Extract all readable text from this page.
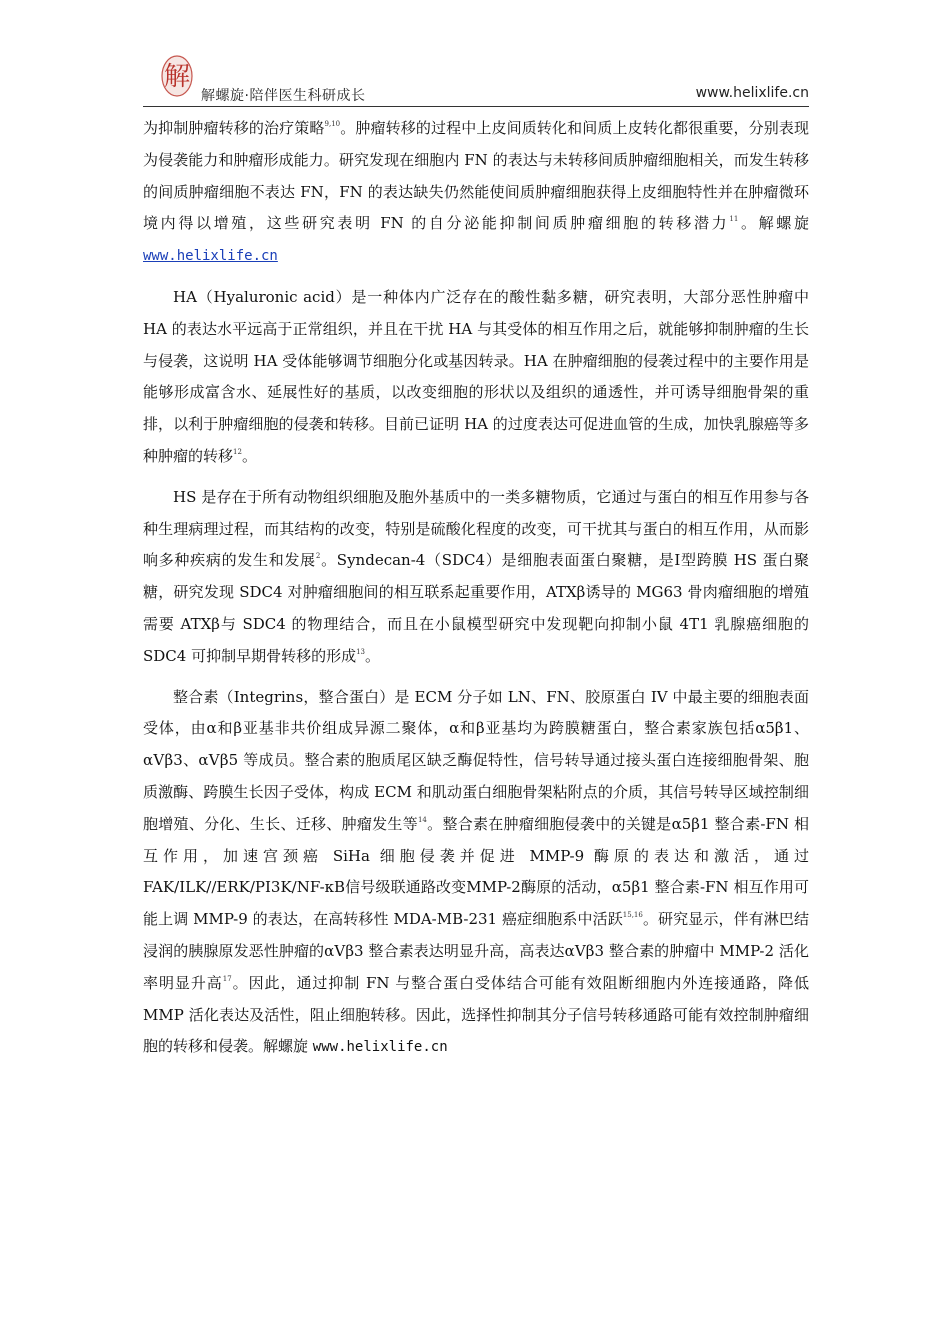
解
解螺旋·陪伴医生科研成长	www.helixlife.cn

为抑制肿瘤转移的治疗策略$^{9,10}$。肿瘤转移的过程中上皮间质转化和间质上皮转化都很重要，分别表现为侵袭能力和肿瘤形成能力。研究发现在细胞内 FN 的表达与未转移间质肿瘤细胞相关，而发生转移的间质肿瘤细胞不表达 FN，FN 的表达缺失仍然能使间质肿瘤细胞获得上皮细胞特性并在肿瘤微环境内得以增殖，这些研究表明 FN 的自分泌能抑制间质肿瘤细胞的转移潜力$^{11}$。解螺旋 www.helixlife.cn

HA（Hyaluronic acid）是一种体内广泛存在的酸性黏多糖，研究表明，大部分恶性肿瘤中 HA 的表达水平远高于正常组织，并且在干扰 HA 与其受体的相互作用之后，就能够抑制肿瘤的生长与侵袭，这说明 HA 受体能够调节细胞分化或基因转录。HA 在肿瘤细胞的侵袭过程中的主要作用是能够形成富含水、延展性好的基质，以改变细胞的形状以及组织的通透性，并可诱导细胞骨架的重排，以利于肿瘤细胞的侵袭和转移。目前已证明 HA 的过度表达可促进血管的生成，加快乳腺癌等多种肿瘤的转移$^{12}$。

HS 是存在于所有动物组织细胞及胞外基质中的一类多糖物质，它通过与蛋白的相互作用参与各种生理病理过程，而其结构的改变，特别是硫酸化程度的改变，可干扰其与蛋白的相互作用，从而影响多种疾病的发生和发展$^2$。Syndecan-4（SDC4）是细胞表面蛋白聚糖，是Ⅰ型跨膜 HS 蛋白聚糖，研究发现 SDC4 对肿瘤细胞间的相互联系起重要作用，ATXβ诱导的 MG63 骨肉瘤细胞的增殖需要 ATXβ与 SDC4 的物理结合，而且在小鼠模型研究中发现靶向抑制小鼠 4T1 乳腺癌细胞的 SDC4 可抑制早期骨转移的形成$^{13}$。

整合素（Integrins，整合蛋白）是 ECM 分子如 LN、FN、胶原蛋白 IV 中最主要的细胞表面受体，由α和β亚基非共价组成异源二聚体，α和β亚基均为跨膜糖蛋白，整合素家族包括α5β1、αⅤβ3、αⅤβ5 等成员。整合素的胞质尾区缺乏酶促特性，信号转导通过接头蛋白连接细胞骨架、胞质激酶、跨膜生长因子受体，构成 ECM 和肌动蛋白细胞骨架粘附点的介质，其信号转导区域控制细胞增殖、分化、生长、迁移、肿瘤发生等$^{14}$。整合素在肿瘤细胞侵袭中的关键是α5β1 整合素-FN 相互作用，加速宫颈癌 SiHa 细胞侵袭并促进 MMP-9 酶原的表达和激活，通过FAK/ILK//ERK/PI3K/NF-κB信号级联通路改变MMP-2酶原的活动，α5β1 整合素-FN 相互作用可能上调 MMP-9 的表达，在高转移性 MDA-MB-231 癌症细胞系中活跃$^{15,16}$。研究显示，伴有淋巴结浸润的胰腺原发恶性肿瘤的αⅤβ3 整合素表达明显升高，高表达αⅤβ3 整合素的肿瘤中 MMP-2 活化率明显升高$^{17}$。因此，通过抑制 FN 与整合蛋白受体结合可能有效阻断细胞内外连接通路，降低 MMP 活化表达及活性，阻止细胞转移。因此，选择性抑制其分子信号转移通路可能有效控制肿瘤细胞的转移和侵袭。解螺旋 www.helixlife.cn
